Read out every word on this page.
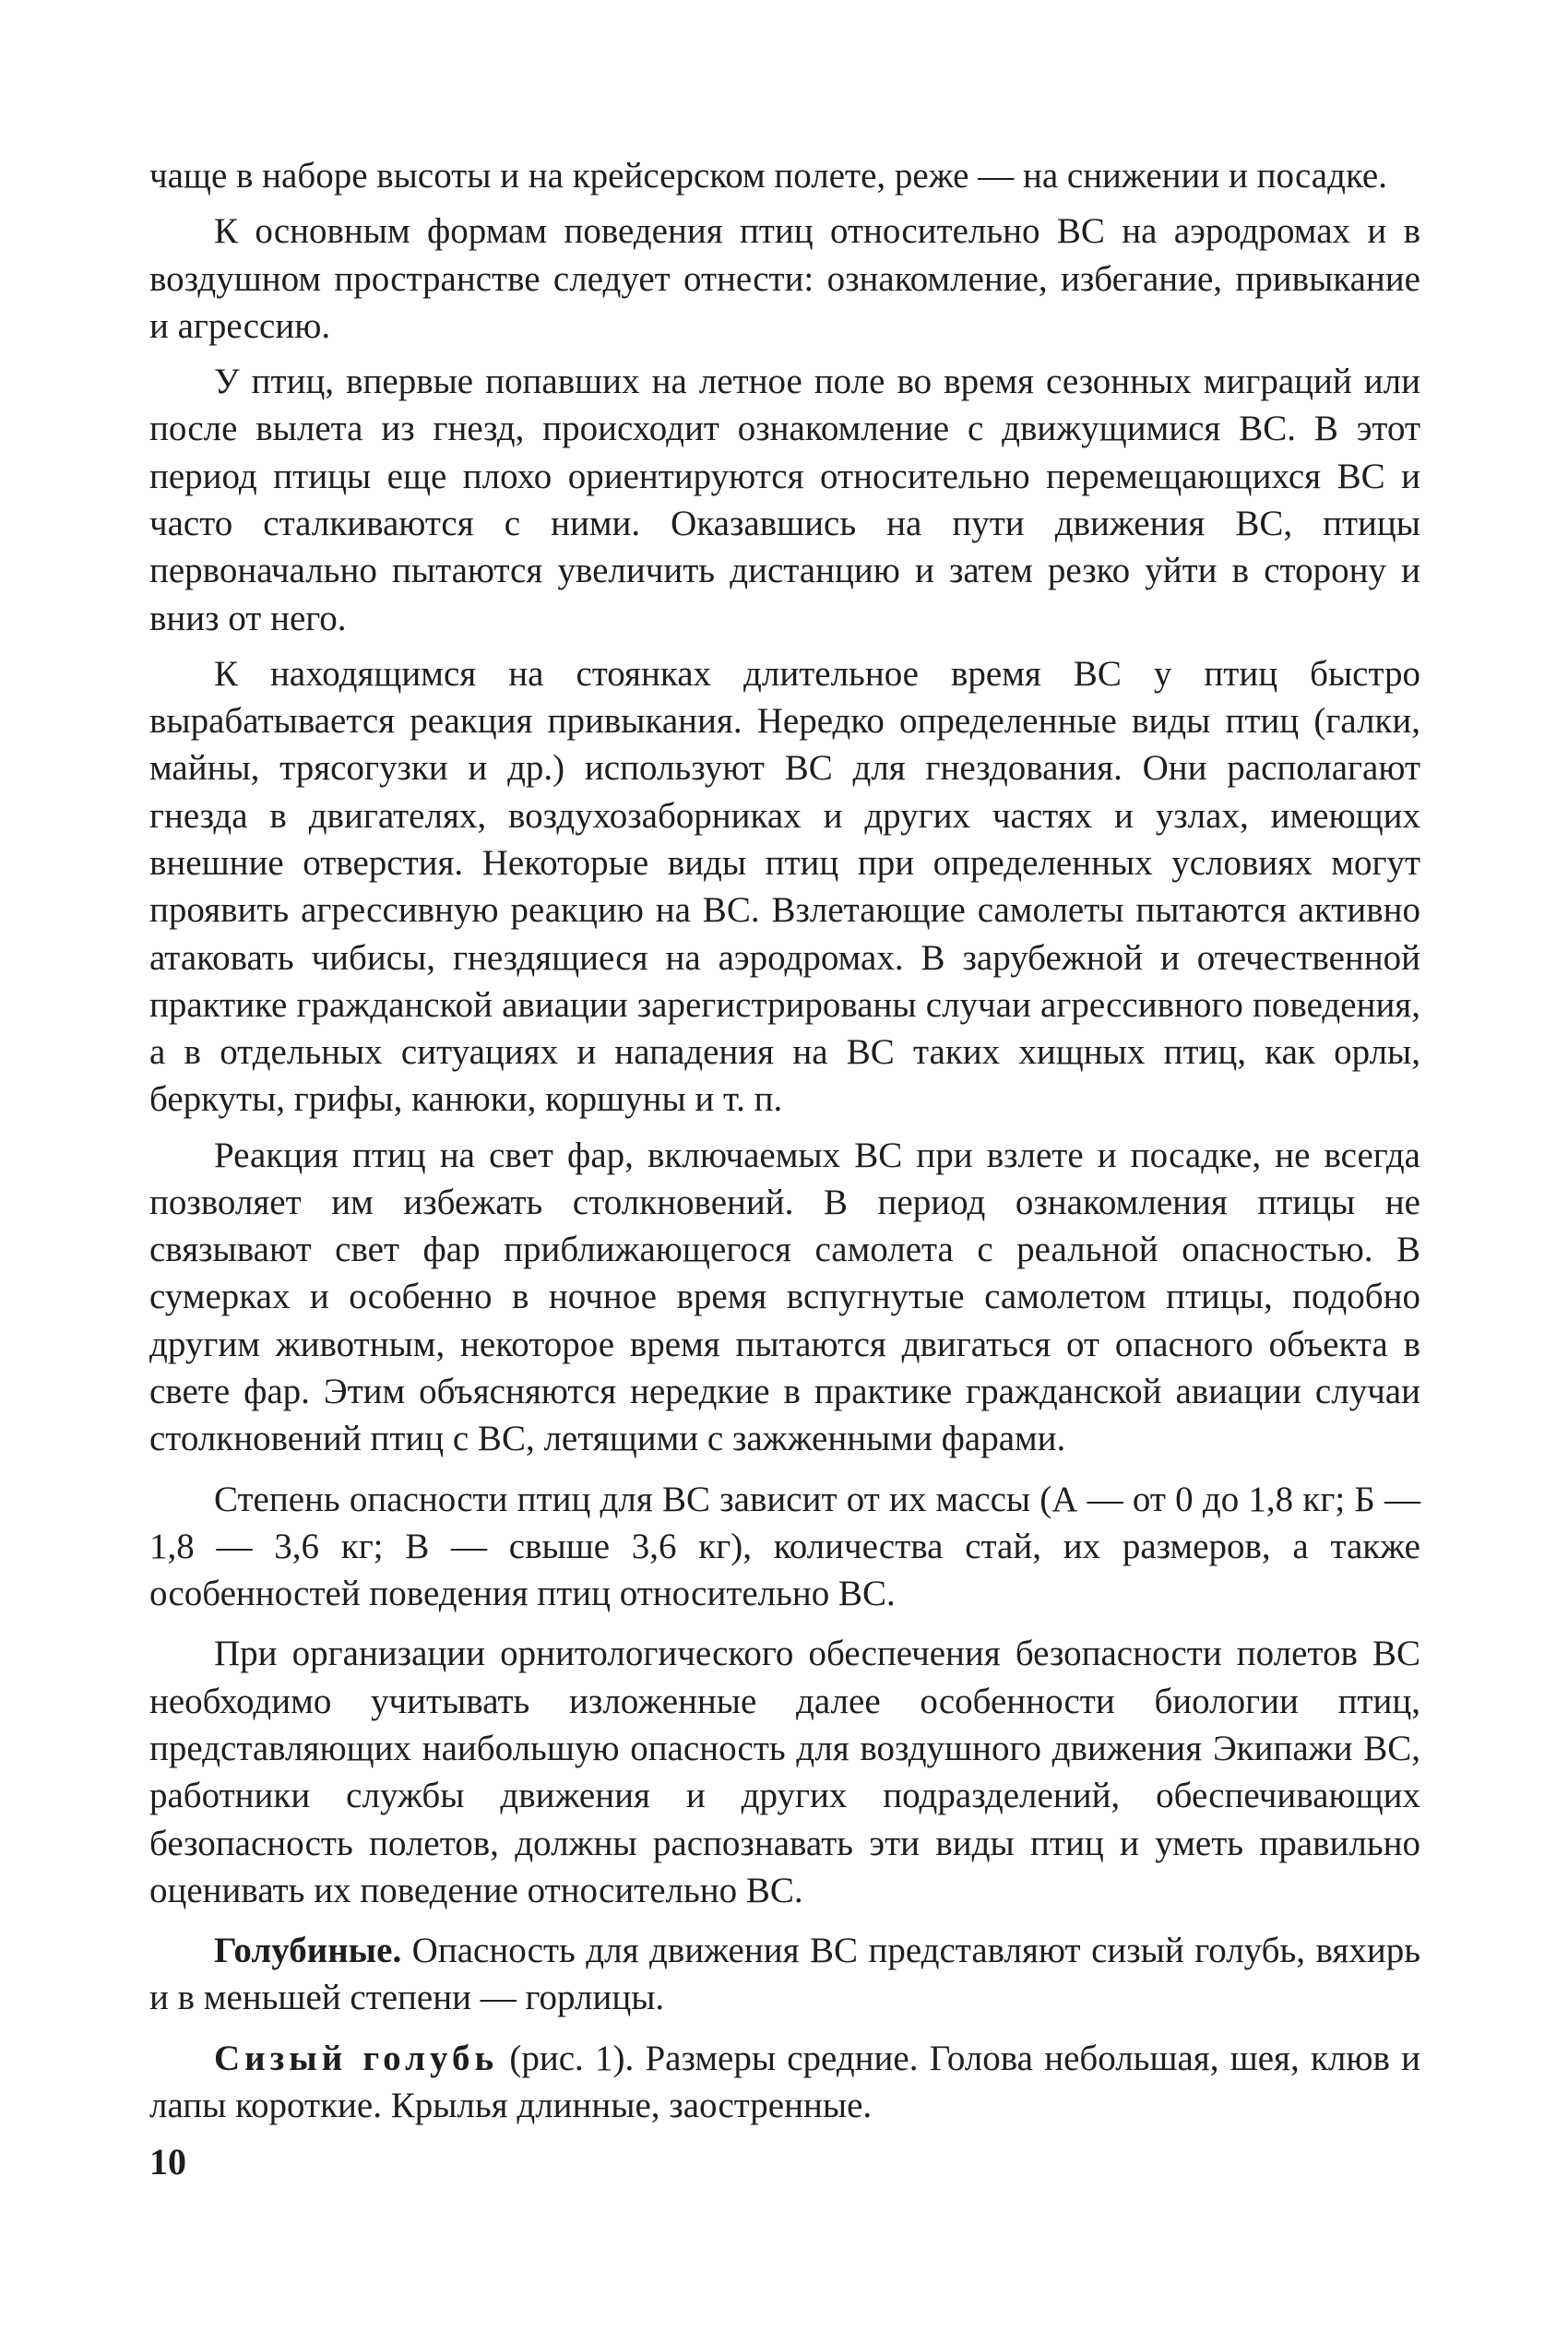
чаще в наборе высоты и на крейсерском полете, реже — на снижении и посадке.

К основным формам поведения птиц относительно ВС на аэродромах и в воздушном пространстве следует отнести: ознакомление, избегание, привыкание и агрессию.

У птиц, впервые попавших на летное поле во время сезонных миграций или после вылета из гнезд, происходит ознакомление с движущимися ВС. В этот период птицы еще плохо ориентируются относительно перемещающихся ВС и часто сталкиваются с ними. Оказавшись на пути движения ВС, птицы первоначально пытаются увеличить дистанцию и затем резко уйти в сторону и вниз от него.

К находящимся на стоянках длительное время ВС у птиц быстро вырабатывается реакция привыкания. Нередко определенные виды птиц (галки, майны, трясогузки и др.) используют ВС для гнездования. Они располагают гнезда в двигателях, воздухозаборниках и других частях и узлах, имеющих внешние отверстия. Некоторые виды птиц при определенных условиях могут проявить агрессивную реакцию на ВС. Взлетающие самолеты пытаются активно атаковать чибисы, гнездящиеся на аэродромах. В зарубежной и отечественной практике гражданской авиации зарегистрированы случаи агрессивного поведения, а в отдельных ситуациях и нападения на ВС таких хищных птиц, как орлы, беркуты, грифы, канюки, коршуны и т. п.

Реакция птиц на свет фар, включаемых ВС при взлете и посадке, не всегда позволяет им избежать столкновений. В период ознакомления птицы не связывают свет фар приближающегося самолета с реальной опасностью. В сумерках и особенно в ночное время вспугнутые самолетом птицы, подобно другим животным, некоторое время пытаются двигаться от опасного объекта в свете фар. Этим объясняются нередкие в практике гражданской авиации случаи столкновений птиц с ВС, летящими с зажженными фарами.

Степень опасности птиц для ВС зависит от их массы (А — от 0 до 1,8 кг; Б — 1,8 — 3,6 кг; В — свыше 3,6 кг), количества стай, их размеров, а также особенностей поведения птиц относительно ВС.

При организации орнитологического обеспечения безопасности полетов ВС необходимо учитывать изложенные далее особенности биологии птиц, представляющих наибольшую опасность для воздушного движения Экипажи ВС, работники службы движения и других подразделений, обеспечивающих безопасность полетов, должны распознавать эти виды птиц и уметь правильно оценивать их поведение относительно ВС.

Голубиные. Опасность для движения ВС представляют сизый голубь, вяхирь и в меньшей степени — горлицы.

Сизый голубь (рис. 1). Размеры средние. Голова небольшая, шея, клюв и лапы короткие. Крылья длинные, заостренные.

10
